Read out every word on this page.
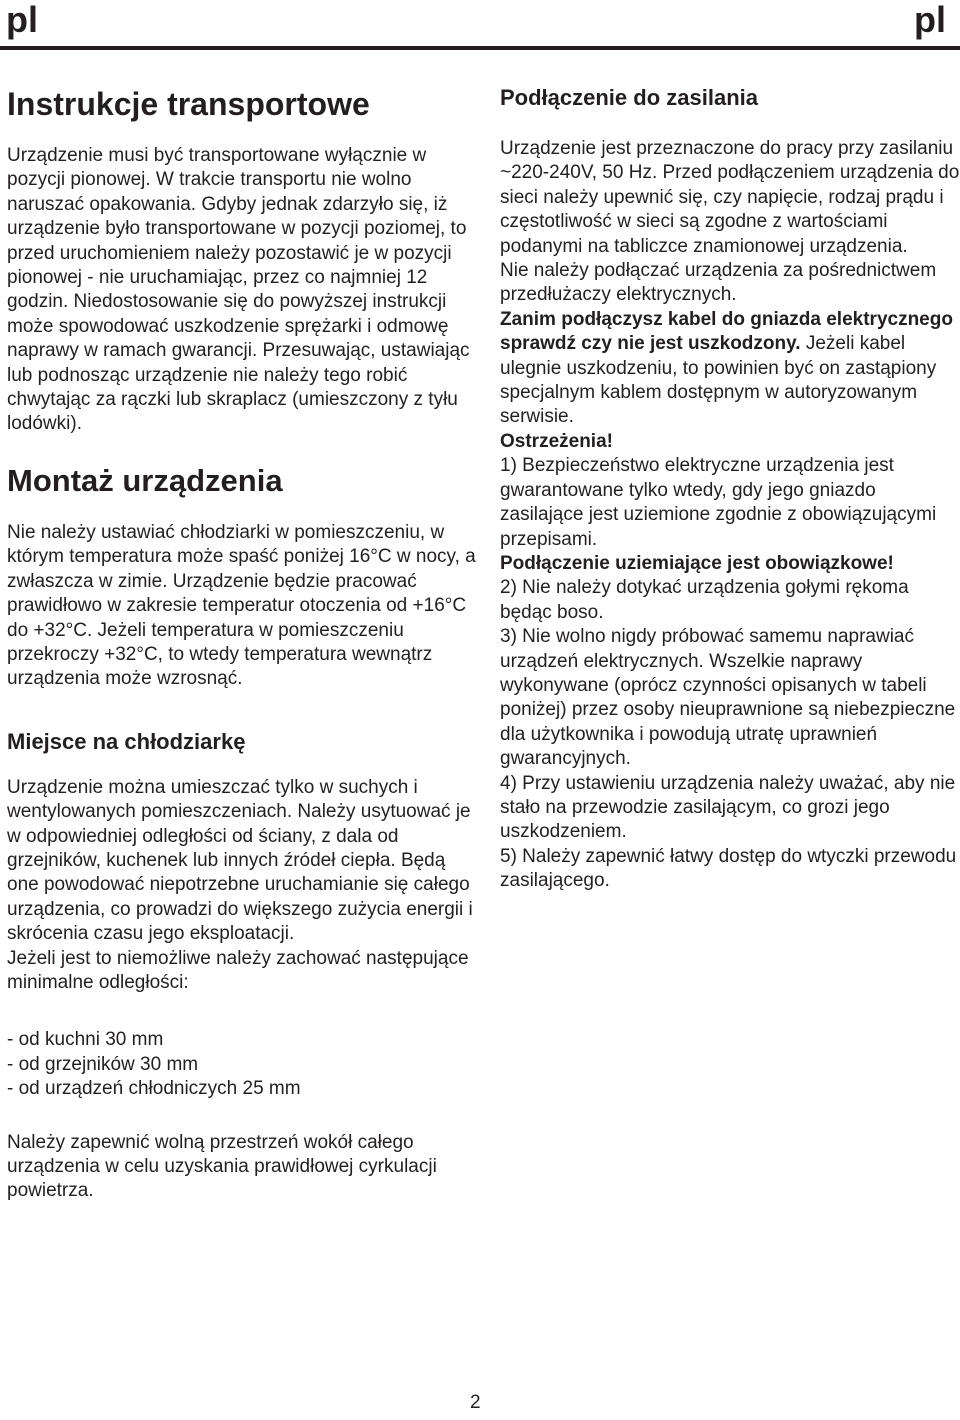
pl	pl
Instrukcje transportowe

Urządzenie musi być transportowane wyłącznie w pozycji pionowej. W trakcie transportu nie wolno naruszać opakowania. Gdyby jednak zdarzyło się, iż urządzenie było transportowane w pozycji poziomej, to przed uruchomieniem należy pozostawić je w pozycji pionowej - nie uruchamiając, przez co najmniej 12 godzin. Niedostosowanie się do powyższej instrukcji może spowodować uszkodzenie sprężarki i odmowę naprawy w ramach gwarancji. Przesuwając, ustawiając lub podnosząc urządzenie nie należy tego robić chwytając za rączki lub skraplacz (umieszczony z tyłu lodówki).

Montaż urządzenia

Nie należy ustawiać chłodziarki w pomieszczeniu, w którym temperatura może spaść poniżej 16°C w nocy, a zwłaszcza w zimie. Urządzenie będzie pracować prawidłowo w zakresie temperatur otoczenia od +16°C do +32°C. Jeżeli temperatura w pomieszczeniu przekroczy +32°C, to wtedy temperatura wewnątrz urządzenia może wzrosnąć.

Miejsce na chłodziarkę

Urządzenie można umieszczać tylko w suchych i wentylowanych pomieszczeniach. Należy usytuować je w odpowiedniej odległości od ściany, z dala od grzejników, kuchenek lub innych źródeł ciepła. Będą one powodować niepotrzebne uruchamianie się całego urządzenia, co prowadzi do większego zużycia energii i skrócenia czasu jego eksploatacji.

Jeżeli jest to niemożliwe należy zachować następujące minimalne odległości:

- od kuchni 30 mm
- od grzejników 30 mm
- od urządzeń chłodniczych 25 mm

Należy zapewnić wolną przestrzeń wokół całego urządzenia w celu uzyskania prawidłowej cyrkulacji powietrza.

Podłączenie do zasilania

Urządzenie jest przeznaczone do pracy przy zasilaniu ~220-240V, 50 Hz. Przed podłączeniem urządzenia do sieci należy upewnić się, czy napięcie, rodzaj prądu i częstotliwość w sieci są zgodne z wartościami podanymi na tabliczce znamionowej urządzenia.

Nie należy podłączać urządzenia za pośrednictwem przedłużaczy elektrycznych.

Zanim podłączysz kabel do gniazda elektrycznego sprawdź czy nie jest uszkodzony. Jeżeli kabel ulegnie uszkodzeniu, to powinien być on zastąpiony specjalnym kablem dostępnym w autoryzowanym serwisie.

Ostrzeżenia!

1) Bezpieczeństwo elektryczne urządzenia jest gwarantowane tylko wtedy, gdy jego gniazdo zasilające jest uziemione zgodnie z obowiązującymi przepisami.

Podłączenie uziemiające jest obowiązkowe!

2) Nie należy dotykać urządzenia gołymi rękoma będąc boso.

3) Nie wolno nigdy próbować samemu naprawiać urządzeń elektrycznych. Wszelkie naprawy wykonywane (oprócz czynności opisanych w tabeli poniżej) przez osoby nieuprawnione są niebezpieczne dla użytkownika i powodują utratę uprawnień gwarancyjnych.

4) Przy ustawieniu urządzenia należy uważać, aby nie stało na przewodzie zasilającym, co grozi jego uszkodzeniem.

5) Należy zapewnić łatwy dostęp do wtyczki przewodu zasilającego.

2
